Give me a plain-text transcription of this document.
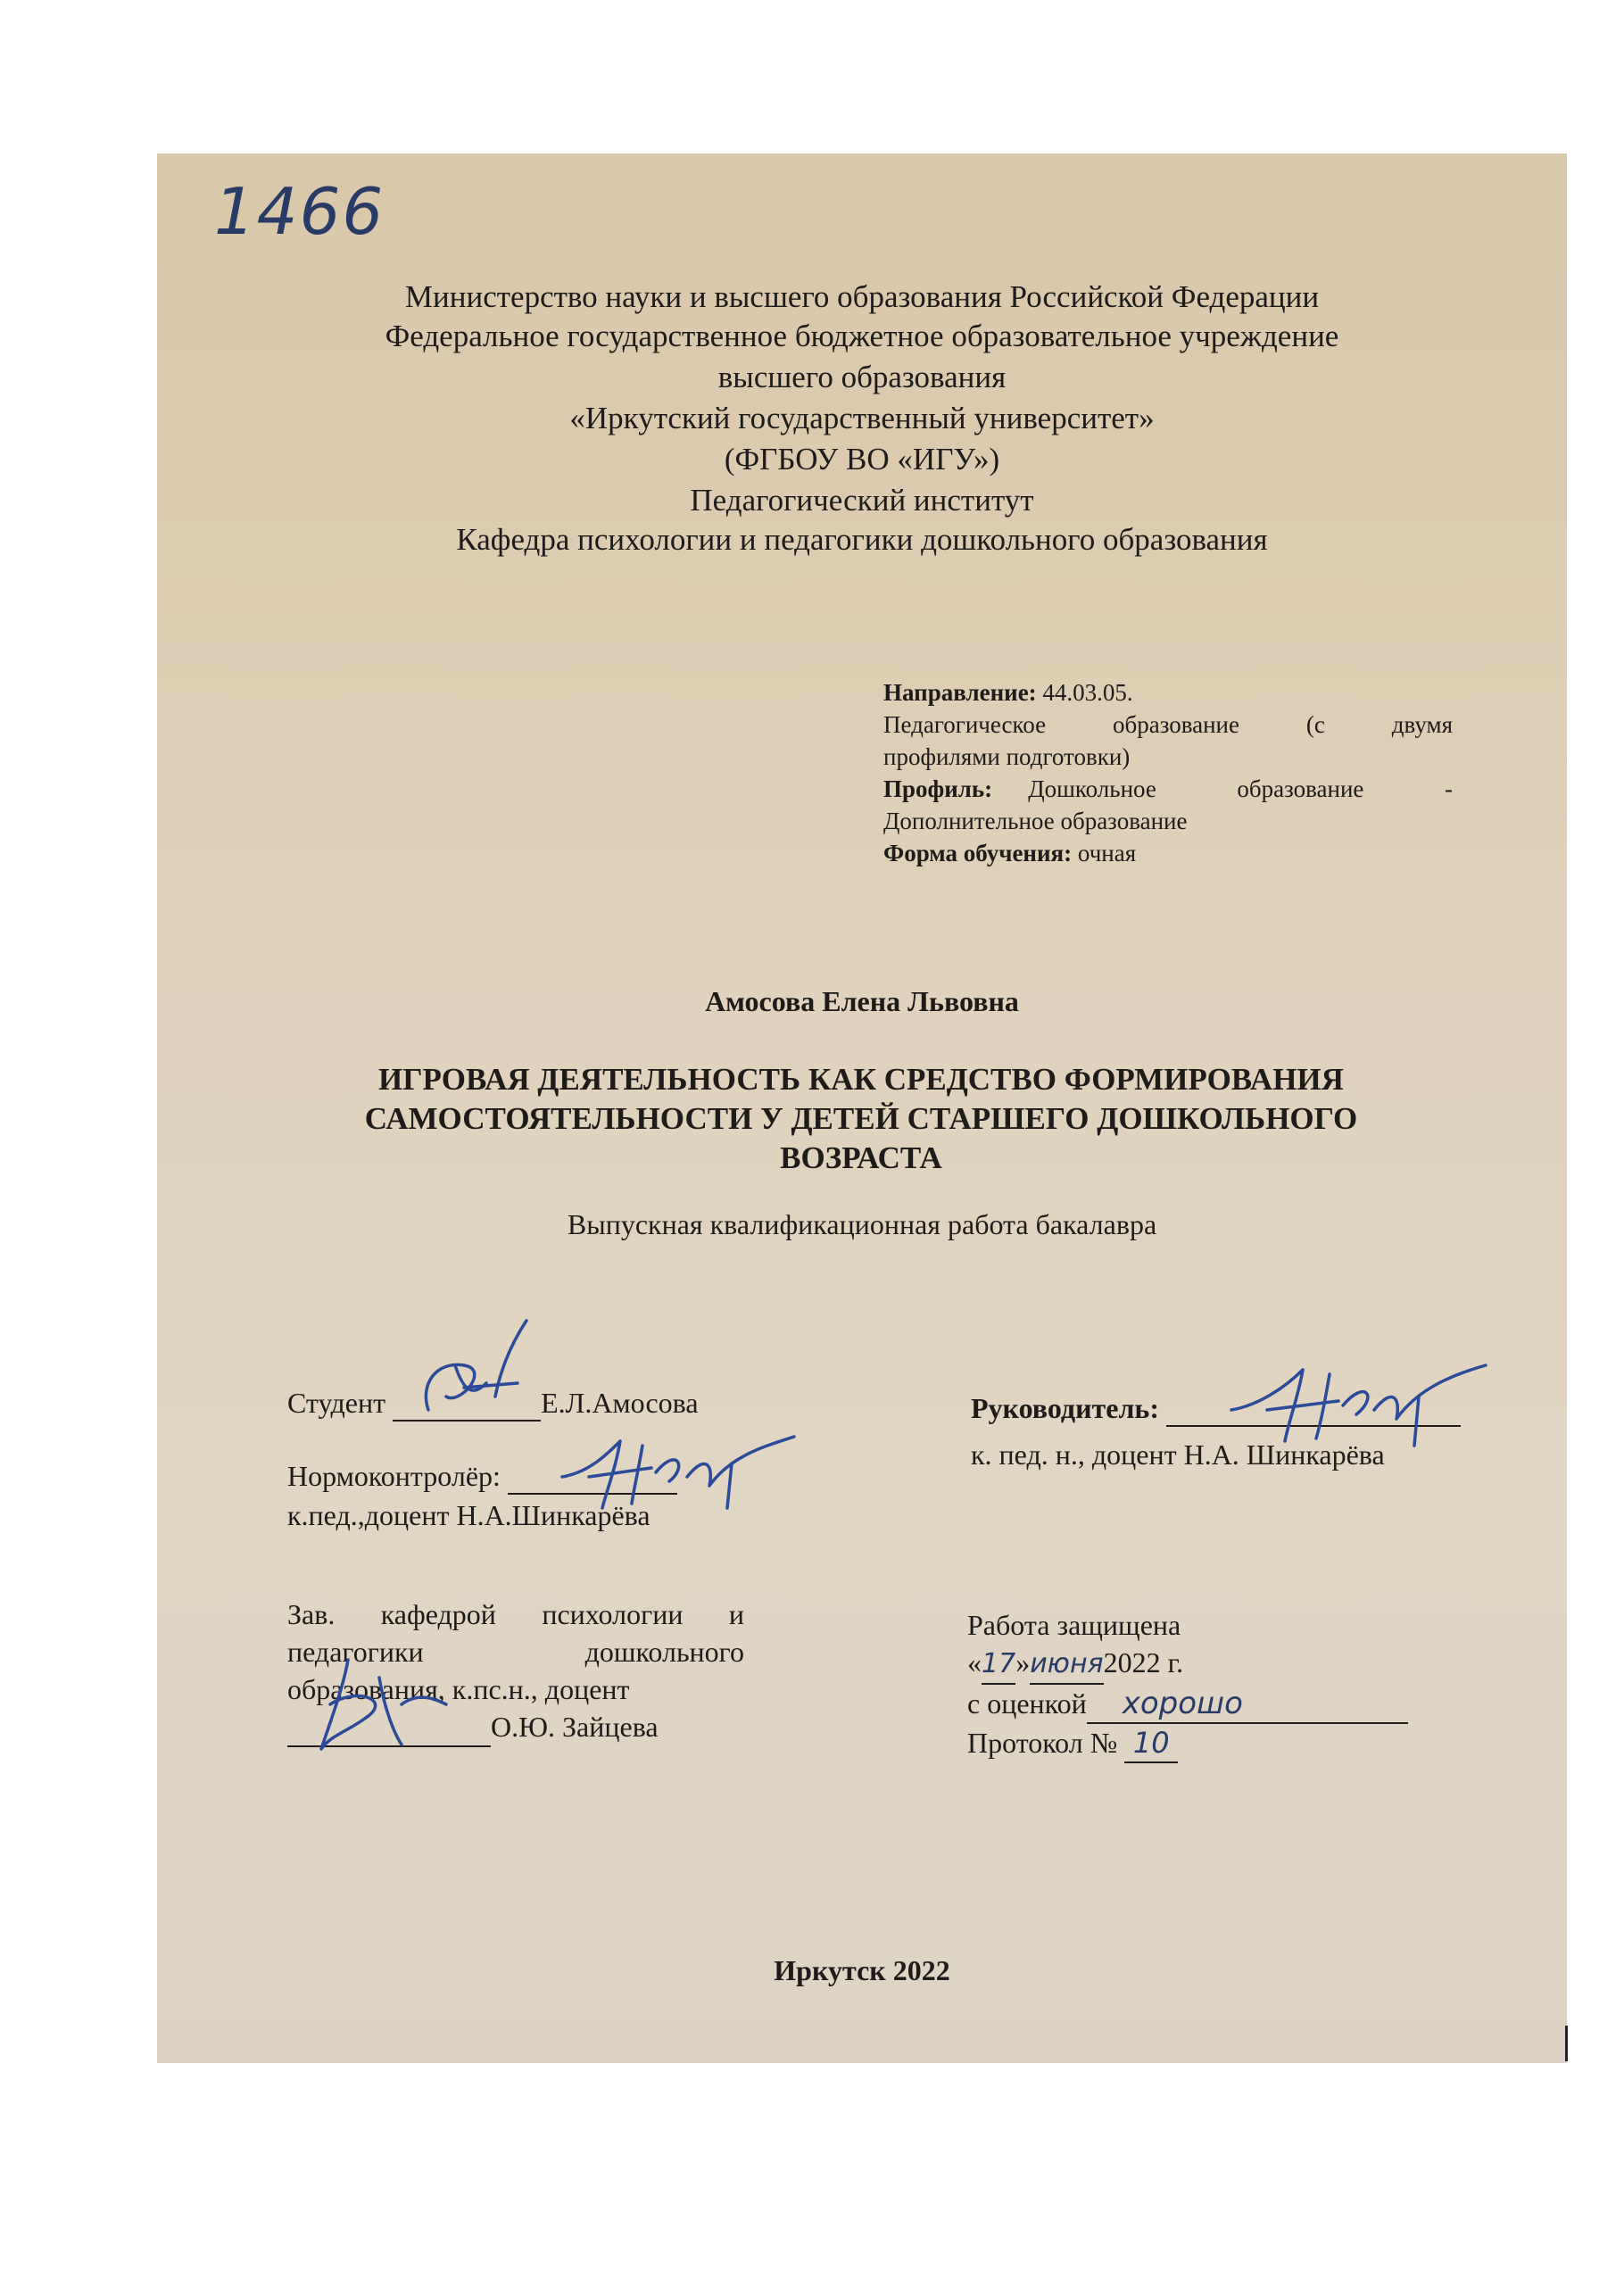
1466
Министерство науки и высшего образования Российской Федерации
Федеральное государственное бюджетное образовательное учреждение
высшего образования
«Иркутский государственный университет»
(ФГБОУ ВО «ИГУ»)
Педагогический институт
Кафедра психологии и педагогики дошкольного образования
Направление: 44.03.05.
Педагогическое образование (с двумя
профилями подготовки)
Профиль: Дошкольное образование -
Дополнительное образование
Форма обучения: очная
Амосова Елена Львовна
ИГРОВАЯ ДЕЯТЕЛЬНОСТЬ КАК СРЕДСТВО ФОРМИРОВАНИЯ
САМОСТОЯТЕЛЬНОСТИ У ДЕТЕЙ СТАРШЕГО ДОШКОЛЬНОГО
ВОЗРАСТА
Выпускная квалификационная работа бакалавра
Студент	Е.Л.Амосова
Нормоконтролёр:
к.пед.,доцент Н.А.Шинкарёва
Руководитель:
к. пед. н., доцент Н.А. Шинкарёва
Зав. кафедрой психологии и
педагогики дошкольного
образования, к.пс.н., доцент
О.Ю. Зайцева
Работа защищена
«17»июня2022 г.
с оценкой хорошо
Протокол № 10
Иркутск 2022
